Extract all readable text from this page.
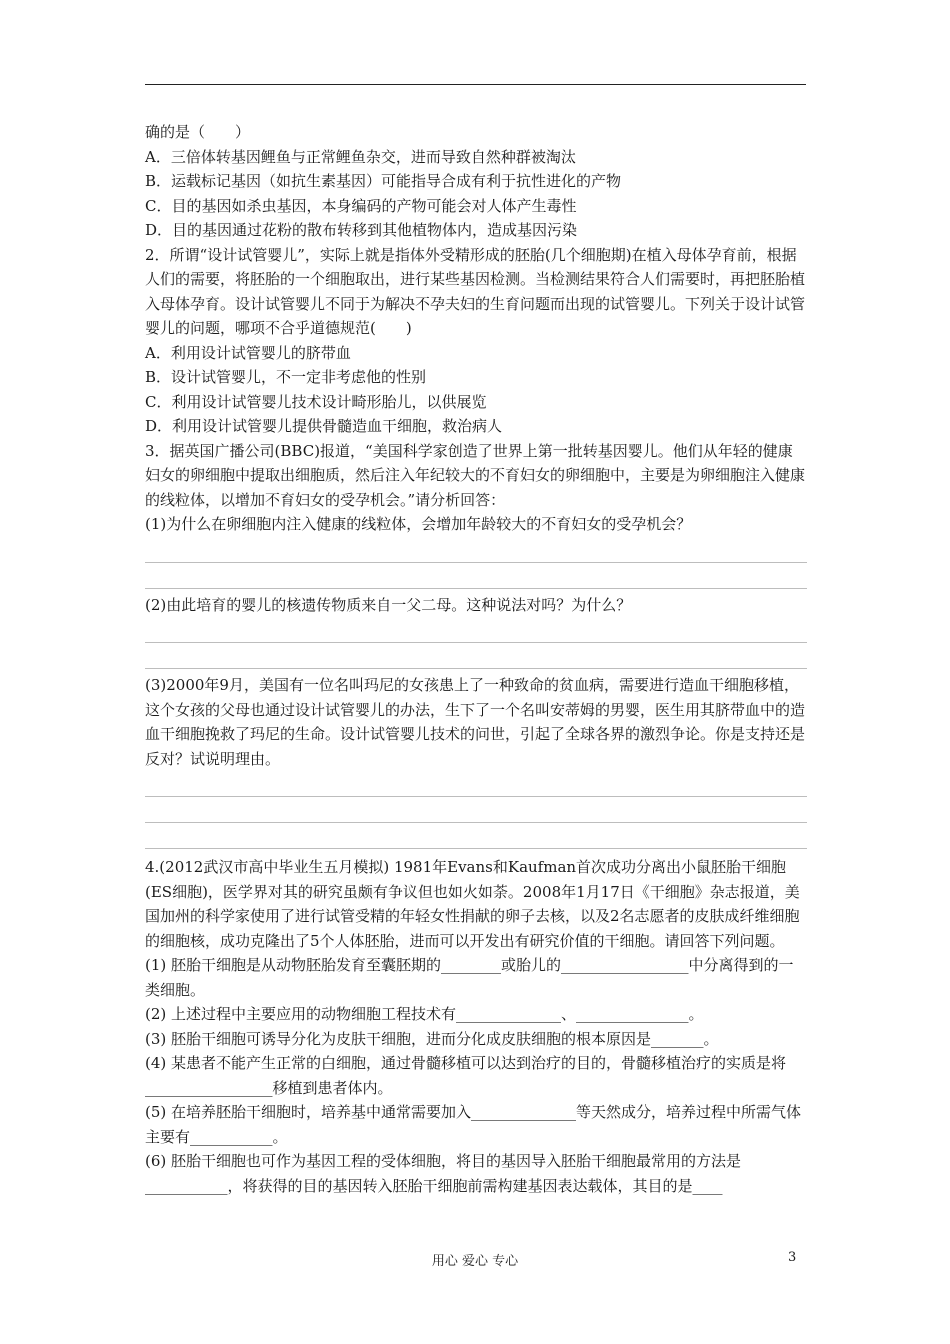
确的是（　　）

A．三倍体转基因鲤鱼与正常鲤鱼杂交，进而导致自然种群被淘汰

B．运载标记基因（如抗生素基因）可能指导合成有利于抗性进化的产物

C．目的基因如杀虫基因，本身编码的产物可能会对人体产生毒性

D．目的基因通过花粉的散布转移到其他植物体内，造成基因污染

2．所谓“设计试管婴儿”，实际上就是指体外受精形成的胚胎(几个细胞期)在植入母体孕育前，根据人们的需要，将胚胎的一个细胞取出，进行某些基因检测。当检测结果符合人们需要时，再把胚胎植入母体孕育。设计试管婴儿不同于为解决不孕夫妇的生育问题而出现的试管婴儿。下列关于设计试管婴儿的问题，哪项不合乎道德规范(　　)

A．利用设计试管婴儿的脐带血

B．设计试管婴儿，不一定非考虑他的性别

C．利用设计试管婴儿技术设计畸形胎儿，以供展览

D．利用设计试管婴儿提供骨髓造血干细胞，救治病人

3．据英国广播公司(BBC)报道，“美国科学家创造了世界上第一批转基因婴儿。他们从年轻的健康妇女的卵细胞中提取出细胞质，然后注入年纪较大的不育妇女的卵细胞中，主要是为卵细胞注入健康的线粒体，以增加不育妇女的受孕机会。”请分析回答：

(1)为什么在卵细胞内注入健康的线粒体，会增加年龄较大的不育妇女的受孕机会？

(2)由此培育的婴儿的核遗传物质来自一父二母。这种说法对吗？为什么？

(3)2000年9月，美国有一位名叫玛尼的女孩患上了一种致命的贫血病，需要进行造血干细胞移植，这个女孩的父母也通过设计试管婴儿的办法，生下了一个名叫安蒂姆的男婴，医生用其脐带血中的造血干细胞挽救了玛尼的生命。设计试管婴儿技术的问世，引起了全球各界的激烈争论。你是支持还是反对？试说明理由。

4.(2012武汉市高中毕业生五月模拟) 1981年Evans和Kaufman首次成功分离出小鼠胚胎干细胞(ES细胞)，医学界对其的研究虽颇有争议但也如火如荼。2008年1月17日《干细胞》杂志报道，美国加州的科学家使用了进行试管受精的年轻女性捐献的卵子去核，以及2名志愿者的皮肤成纤维细胞的细胞核，成功克隆出了5个人体胚胎，进而可以开发出有研究价值的干细胞。请回答下列问题。

(1) 胚胎干细胞是从动物胚胎发育至囊胚期的________或胎儿的_________________中分离得到的一类细胞。

(2) 上述过程中主要应用的动物细胞工程技术有______________、_______________。

(3) 胚胎干细胞可诱导分化为皮肤干细胞，进而分化成皮肤细胞的根本原因是_______。

(4) 某患者不能产生正常的白细胞，通过骨髓移植可以达到治疗的目的，骨髓移植治疗的实质是将_________________移植到患者体内。

(5) 在培养胚胎干细胞时，培养基中通常需要加入______________等天然成分，培养过程中所需气体主要有___________。

(6) 胚胎干细胞也可作为基因工程的受体细胞，将目的基因导入胚胎干细胞最常用的方法是___________，将获得的目的基因转入胚胎干细胞前需构建基因表达载体，其目的是____

用心 爱心 专心	3
